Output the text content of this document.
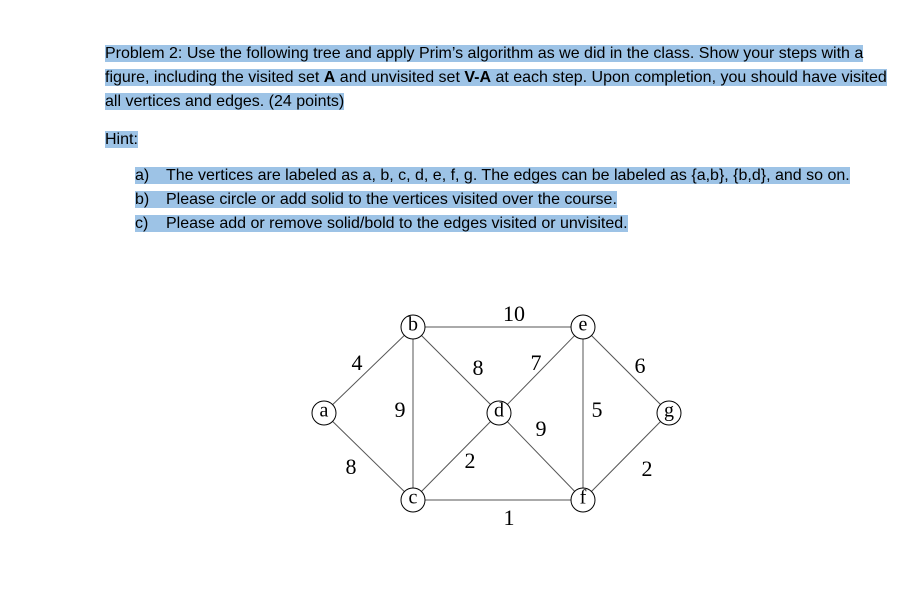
Problem 2: Use the following tree and apply Prim’s algorithm as we did in the class. Show your steps with a figure, including the visited set A and unvisited set V-A at each step. Upon completion, you should have visited all vertices and edges. (24 points)

Hint:

a) The vertices are labeled as a, b, c, d, e, f, g. The edges can be labeled as {a,b}, {b,d}, and so on.
b) Please circle or add solid to the vertices visited over the course.
c) Please add or remove solid/bold to the edges visited or unvisited.
4
8
9
8
10
2
1
7
9
5
6
2
a
b
c
d
e
f
g
